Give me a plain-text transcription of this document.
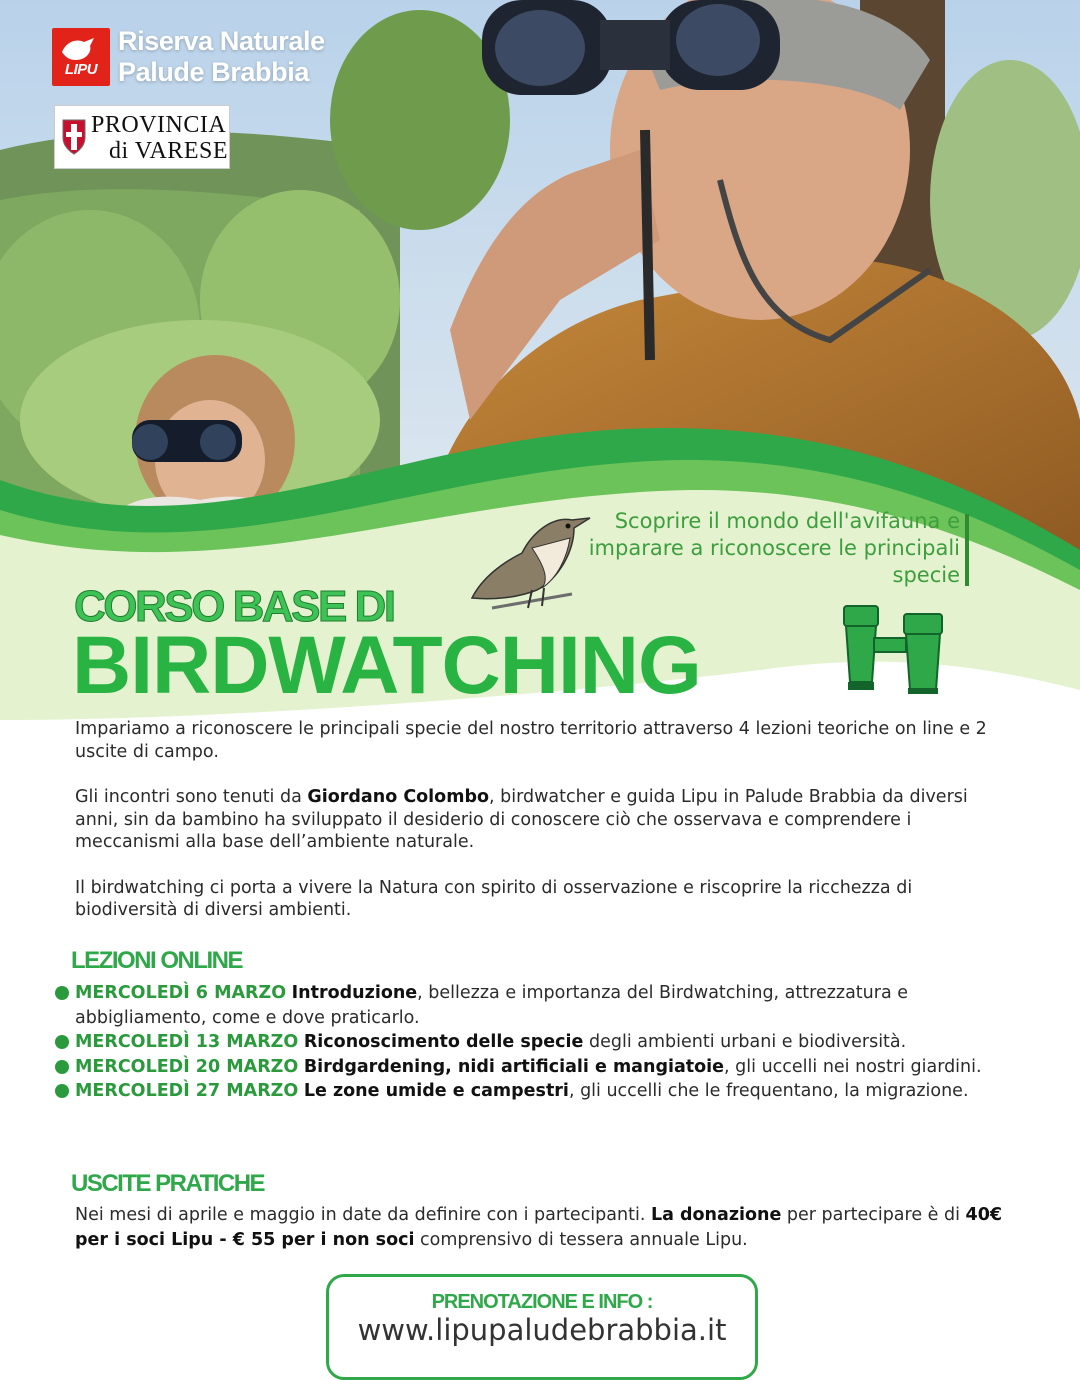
LIPU
Riserva Naturale
Palude Brabbia
PROVINCIA
di VARESE
Scoprire il mondo dell'avifauna e imparare a riconoscere le principali specie
CORSO BASE DI
BIRDWATCHING

Impariamo a riconoscere le principali specie del nostro territorio attraverso 4 lezioni teoriche on line e 2 uscite di campo.

Gli incontri sono tenuti da Giordano Colombo, birdwatcher e guida Lipu in Palude Brabbia da diversi anni, sin da bambino ha sviluppato il desiderio di conoscere ciò che osservava e comprendere i meccanismi alla base dell’ambiente naturale.

Il birdwatching ci porta a vivere la Natura con spirito di osservazione e riscoprire la ricchezza di biodiversità di diversi ambienti.

LEZIONI ONLINE
MERCOLEDÌ 6 MARZO Introduzione, bellezza e importanza del Birdwatching, attrezzatura e abbigliamento, come e dove praticarlo.
MERCOLEDÌ 13 MARZO Riconoscimento delle specie degli ambienti urbani e biodiversità.
MERCOLEDÌ 20 MARZO Birdgardening, nidi artificiali e mangiatoie, gli uccelli nei nostri giardini.
MERCOLEDÌ 27 MARZO Le zone umide e campestri, gli uccelli che le frequentano, la migrazione.
USCITE PRATICHE
Nei mesi di aprile e maggio in date da definire con i partecipanti. La donazione per partecipare è di 40€ per i soci Lipu - € 55 per i non soci comprensivo di tessera annuale Lipu.
PRENOTAZIONE E INFO :
www.lipupaludebrabbia.it
